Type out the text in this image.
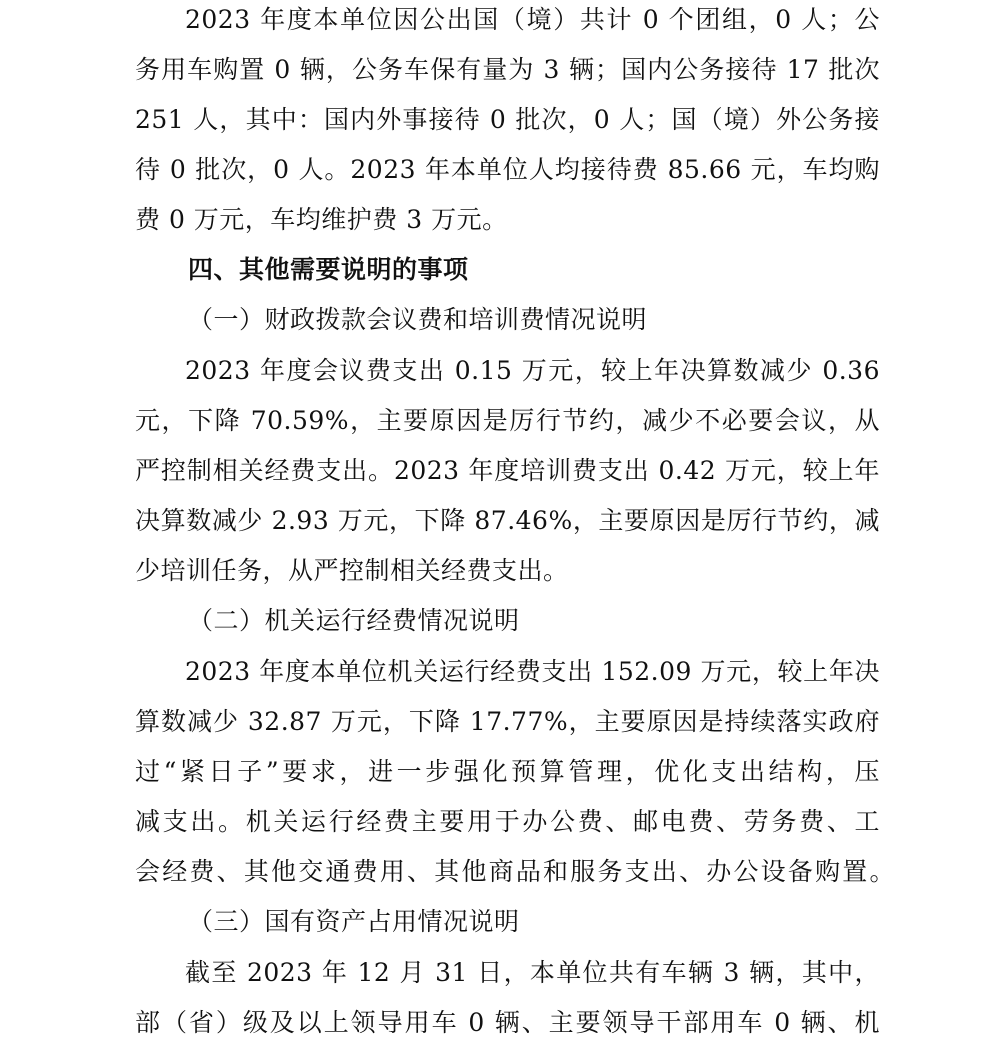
2023 年度本单位因公出国（境）共计 0 个团组，0 人；公
务用车购置 0 辆，公务车保有量为 3 辆；国内公务接待 17 批次
251 人，其中：国内外事接待 0 批次，0 人；国（境）外公务接
待 0 批次，0 人。2023 年本单位人均接待费 85.66 元，车均购
费 0 万元，车均维护费 3 万元。
四、其他需要说明的事项
（一）财政拨款会议费和培训费情况说明
2023 年度会议费支出 0.15 万元，较上年决算数减少 0.36
元，下降 70.59%，主要原因是厉行节约，减少不必要会议，从
严控制相关经费支出。2023 年度培训费支出 0.42 万元，较上年
决算数减少 2.93 万元，下降 87.46%，主要原因是厉行节约，减
少培训任务，从严控制相关经费支出。
（二）机关运行经费情况说明
2023 年度本单位机关运行经费支出 152.09 万元，较上年决
算数减少 32.87 万元，下降 17.77%，主要原因是持续落实政府
过“紧日子”要求，进一步强化预算管理，优化支出结构，压
减支出。机关运行经费主要用于办公费、邮电费、劳务费、工
会经费、其他交通费用、其他商品和服务支出、办公设备购置。
（三）国有资产占用情况说明
截至 2023 年 12 月 31 日，本单位共有车辆 3 辆，其中，
部（省）级及以上领导用车 0 辆、主要领导干部用车 0 辆、机
